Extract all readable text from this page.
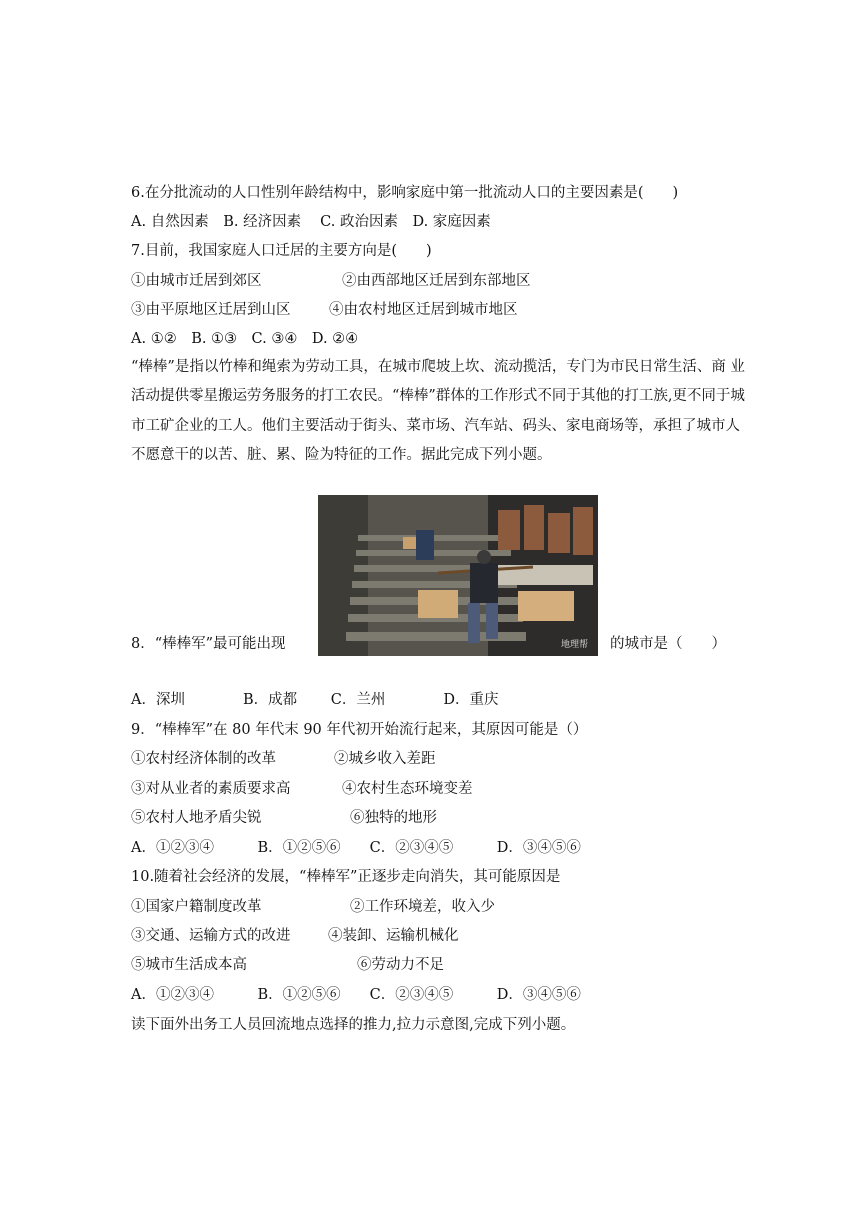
6.在分批流动的人口性别年龄结构中，影响家庭中第一批流动人口的主要因素是(　　)
A. 自然因素　B. 经济因素　 C. 政治因素　D. 家庭因素
7.目前，我国家庭人口迁居的主要方向是(　　)
①由城市迁居到郊区	②由西部地区迁居到东部地区
③由平原地区迁居到山区	④由农村地区迁居到城市地区
A. ①②　B. ①③　C. ③④　D. ②④
“棒棒”是指以竹棒和绳索为劳动工具，在城市爬坡上坎、流动揽活，专门为市民日常生活、商 业活动提供零星搬运劳务服务的打工农民。“棒棒”群体的工作形式不同于其他的打工族,更不同于城市工矿企业的工人。他们主要活动于街头、菜市场、汽车站、码头、家电商场等，承担了城市人不愿意干的以苦、脏、累、险为特征的工作。据此完成下列小题。
地理帮
8．“棒棒军”最可能出现	的城市是（　　）
A．深圳　　　　B．成都　　 C．兰州　　　　D．重庆
9．“棒棒军”在 80 年代末 90 年代初开始流行起来，其原因可能是（）
①农村经济体制的改革	②城乡收入差距
③对从业者的素质要求高	④农村生态环境变差
⑤农村人地矛盾尖锐	⑥独特的地形
A．①②③④　　　B．①②⑤⑥　　C．②③④⑤　　　D．③④⑤⑥
10.随着社会经济的发展，“棒棒军”正逐步走向消失，其可能原因是
①国家户籍制度改革	②工作环境差，收入少
③交通、运输方式的改进	④装卸、运输机械化
⑤城市生活成本高	⑥劳动力不足
A．①②③④　　　B．①②⑤⑥　　C．②③④⑤　　　D．③④⑤⑥
读下面外出务工人员回流地点选择的推力,拉力示意图,完成下列小题。
